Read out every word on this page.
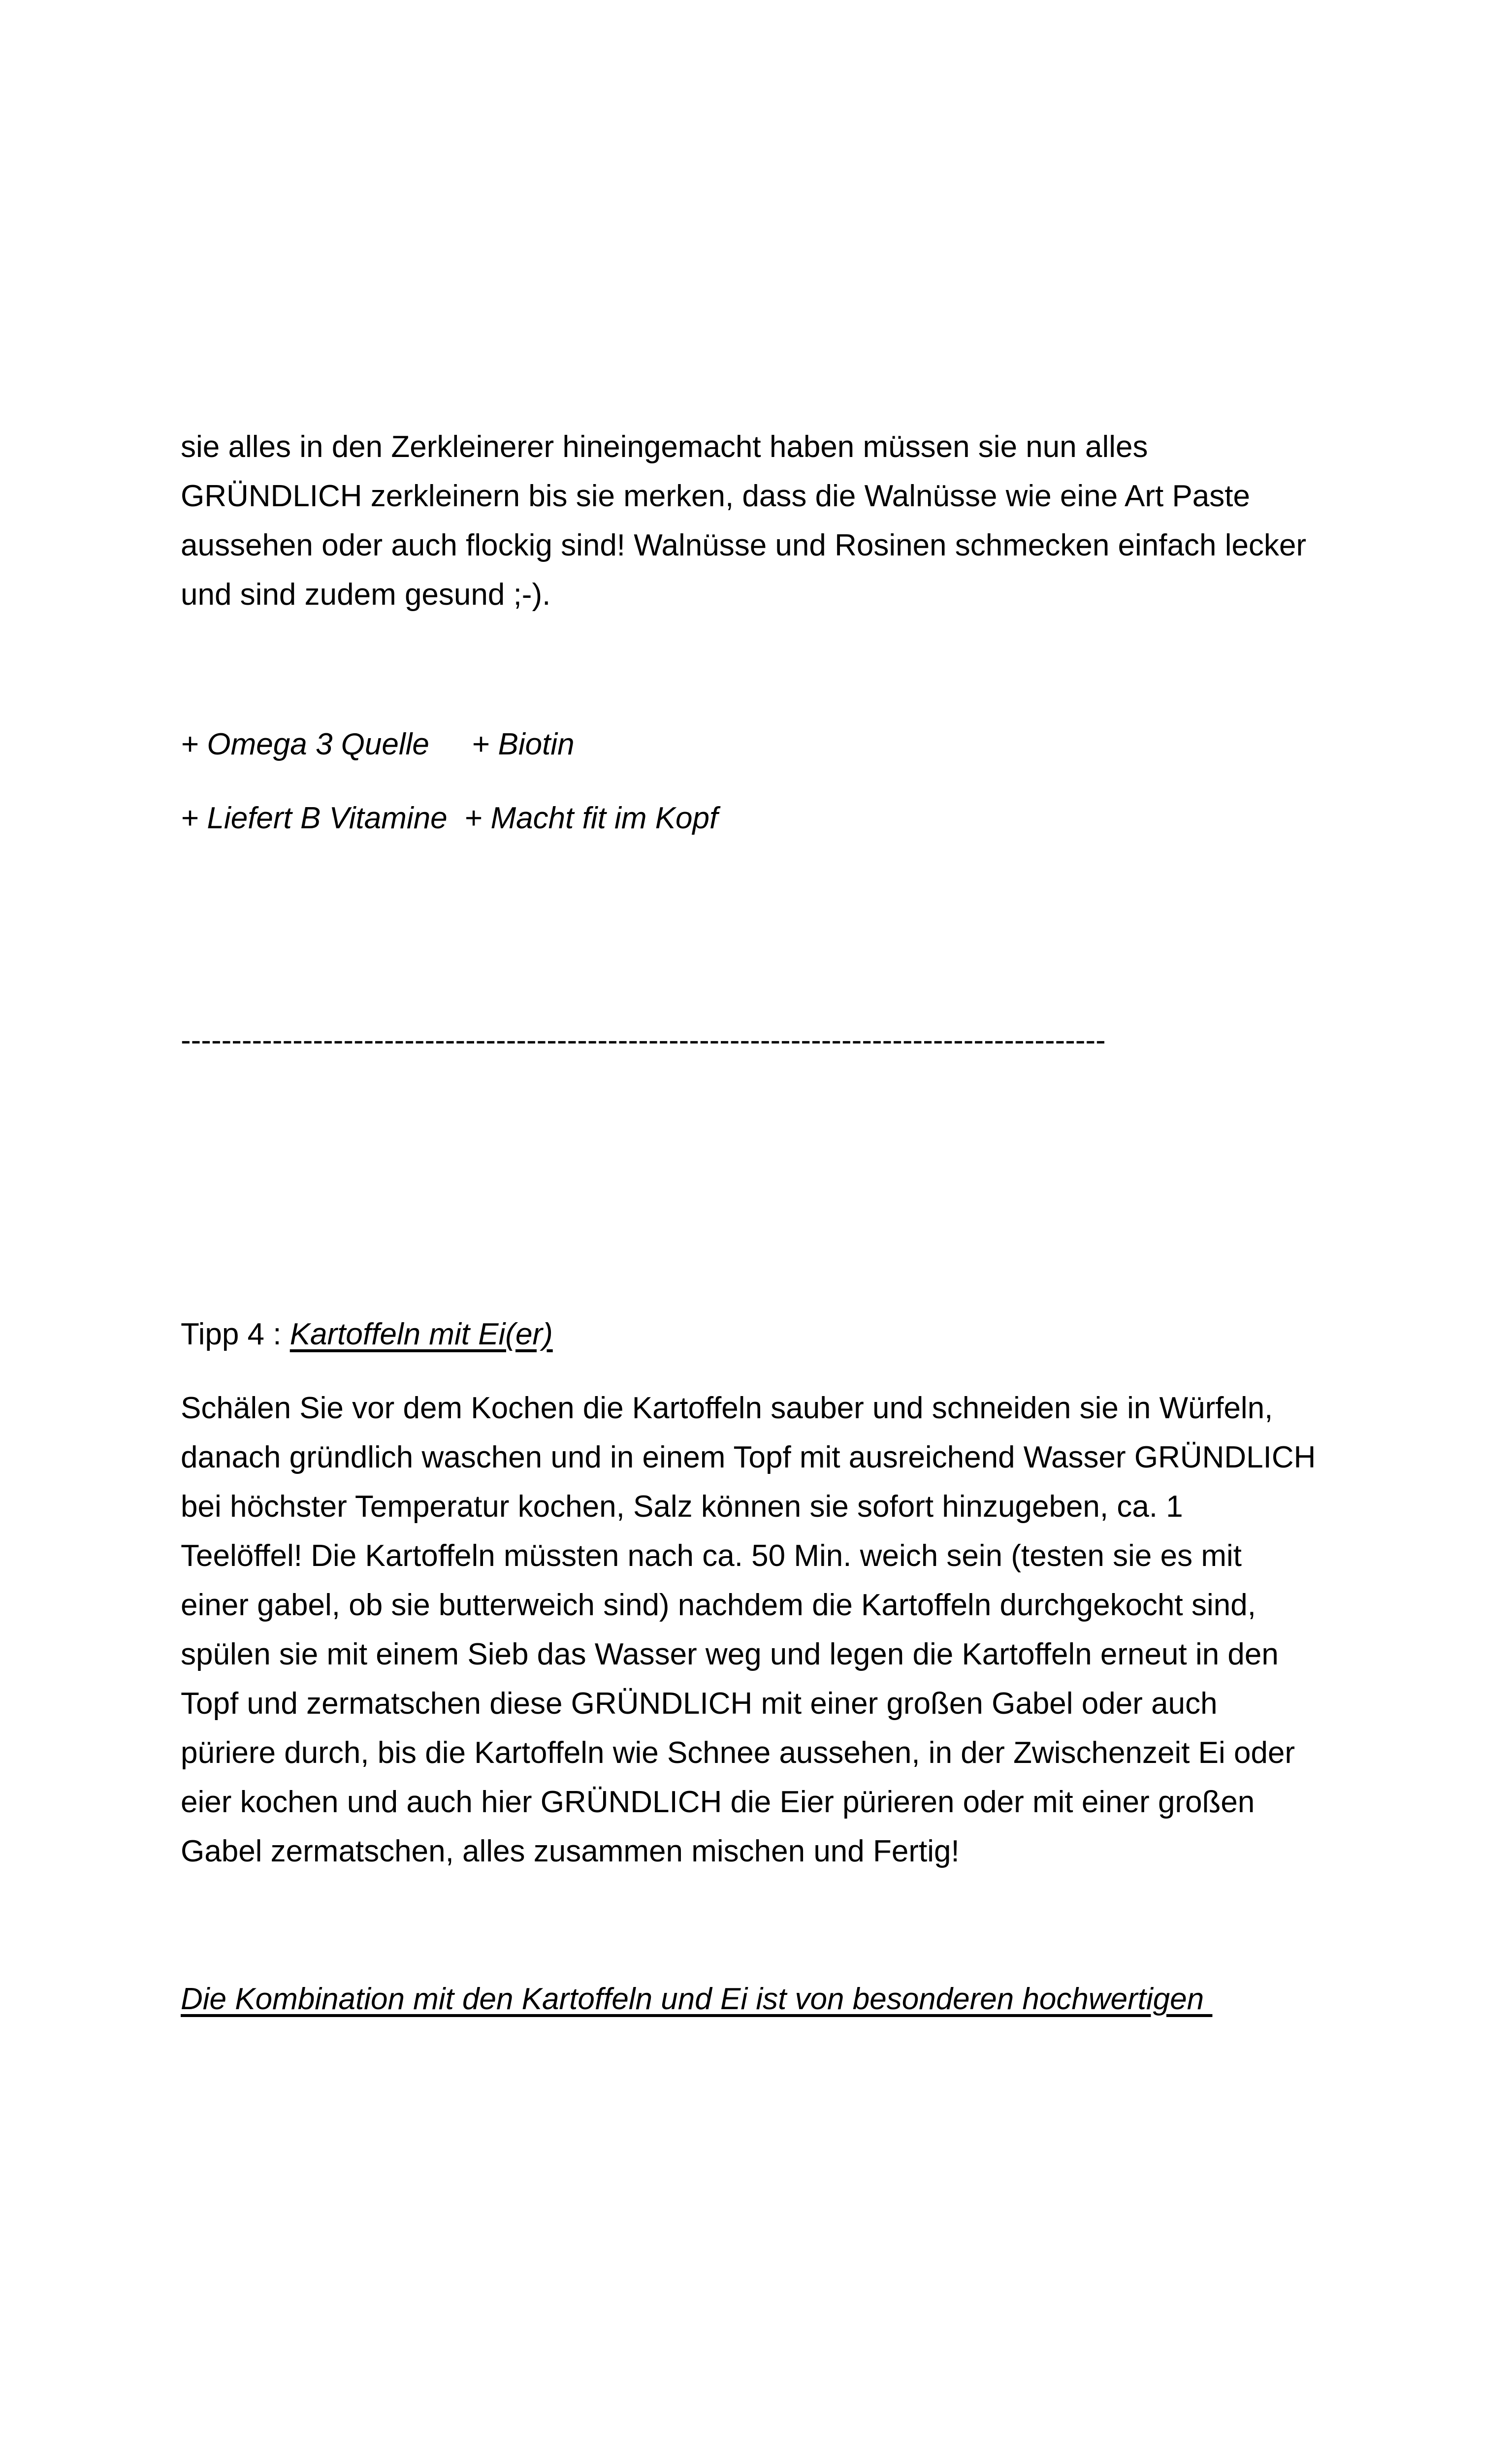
sie alles in den Zerkleinerer hineingemacht haben müssen sie nun alles
GRÜNDLICH zerkleinern bis sie merken, dass die Walnüsse wie eine Art Paste
aussehen oder auch flockig sind! Walnüsse und Rosinen schmecken einfach lecker
und sind zudem gesund ;-).

+ Omega 3 Quelle     + Biotin

+ Liefert B Vitamine  + Macht fit im Kopf

-------------------------------------------------------------------------------------------

Tipp 4 : Kartoffeln mit Ei(er)

Schälen Sie vor dem Kochen die Kartoffeln sauber und schneiden sie in Würfeln,
danach gründlich waschen und in einem Topf mit ausreichend Wasser GRÜNDLICH
bei höchster Temperatur kochen, Salz können sie sofort hinzugeben, ca. 1
Teelöffel! Die Kartoffeln müssten nach ca. 50 Min. weich sein (testen sie es mit
einer gabel, ob sie butterweich sind) nachdem die Kartoffeln durchgekocht sind,
spülen sie mit einem Sieb das Wasser weg und legen die Kartoffeln erneut in den
Topf und zermatschen diese GRÜNDLICH mit einer großen Gabel oder auch
püriere durch, bis die Kartoffeln wie Schnee aussehen, in der Zwischenzeit Ei oder
eier kochen und auch hier GRÜNDLICH die Eier pürieren oder mit einer großen
Gabel zermatschen, alles zusammen mischen und Fertig!

Die Kombination mit den Kartoffeln und Ei ist von besonderen hochwertigen
